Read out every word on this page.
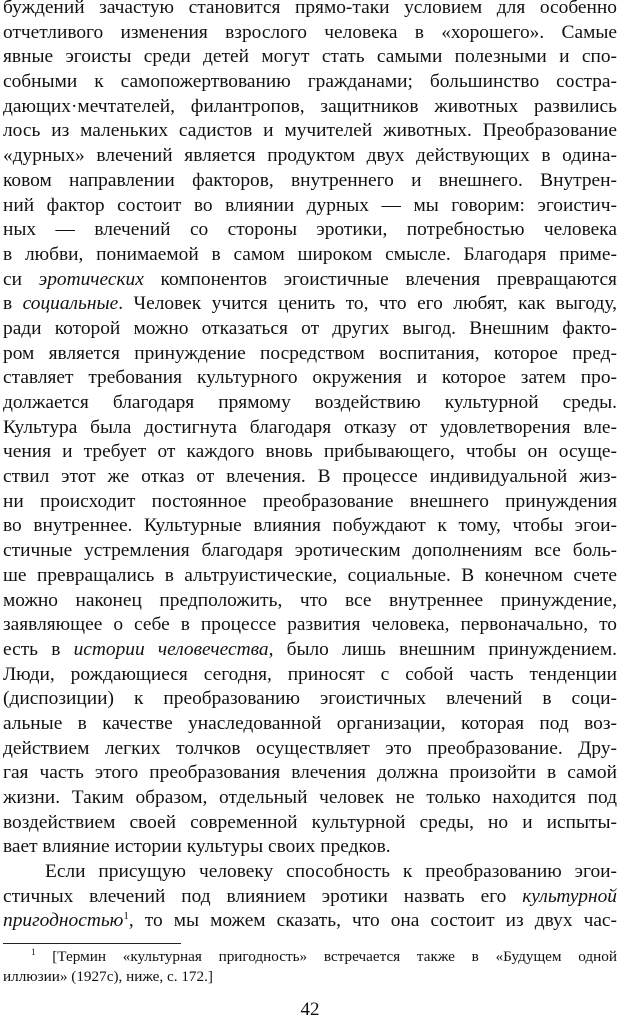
буждений зачастую становится прямо-таки условием для особенно
отчетливого изменения взрослого человека в «хорошего». Самые
явные эгоисты среди детей могут стать самыми полезными и спо-
собными к самопожертвованию гражданами; большинство состра-
дающих·мечтателей, филантропов, защитников животных развились
лось из маленьких садистов и мучителей животных. Преобразование
«дурных» влечений является продуктом двух действующих в одина-
ковом направлении факторов, внутреннего и внешнего. Внутрен-
ний фактор состоит во влиянии дурных — мы говорим: эгоистич-
ных — влечений со стороны эротики, потребностью человека
в любви, понимаемой в самом широком смысле. Благодаря приме-
си эротических компонентов эгоистичные влечения превращаются
в социальные. Человек учится ценить то, что его любят, как выгоду,
ради которой можно отказаться от других выгод. Внешним факто-
ром является принуждение посредством воспитания, которое пред-
ставляет требования культурного окружения и которое затем про-
должается благодаря прямому воздействию культурной среды.
Культура была достигнута благодаря отказу от удовлетворения вле-
чения и требует от каждого вновь прибывающего, чтобы он осуще-
ствил этот же отказ от влечения. В процессе индивидуальной жиз-
ни происходит постоянное преобразование внешнего принуждения
во внутреннее. Культурные влияния побуждают к тому, чтобы эгои-
стичные устремления благодаря эротическим дополнениям все боль-
ше превращались в альтруистические, социальные. В конечном счете
можно наконец предположить, что все внутреннее принуждение,
заявляющее о себе в процессе развития человека, первоначально, то
есть в истории человечества, было лишь внешним принуждением.
Люди, рождающиеся сегодня, приносят с собой часть тенденции
(диспозиции) к преобразованию эгоистичных влечений в соци-
альные в качестве унаследованной организации, которая под воз-
действием легких толчков осуществляет это преобразование. Дру-
гая часть этого преобразования влечения должна произойти в самой
жизни. Таким образом, отдельный человек не только находится под
воздействием своей современной культурной среды, но и испыты-
вает влияние истории культуры своих предков.
Если присущую человеку способность к преобразованию эгои-
стичных влечений под влиянием эротики назвать его культурной
пригодностью$^1$, то мы можем сказать, что она состоит из двух час-
$^1$ [Термин «культурная пригодность» встречается также в «Будущем одной
иллюзии» (1927c), ниже, с. 172.]
42
